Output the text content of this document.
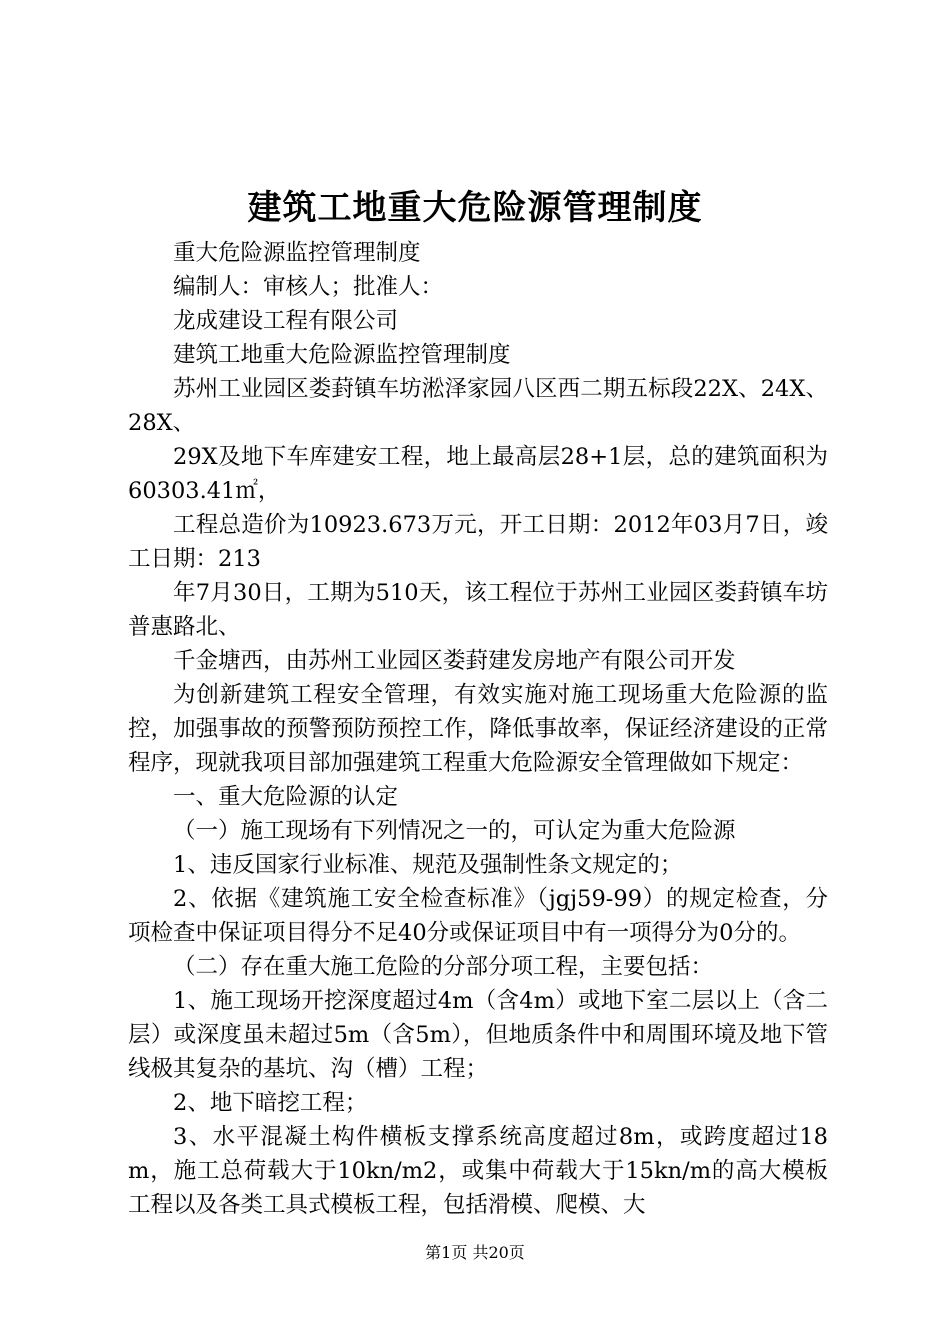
建筑工地重大危险源管理制度

重大危险源监控管理制度

编制人：审核人；批准人：

龙成建设工程有限公司

建筑工地重大危险源监控管理制度

苏州工业园区娄葑镇车坊淞泽家园八区西二期五标段22X、24X、28X、

29X及地下车库建安工程，地上最高层28+1层，总的建筑面积为60303.41㎡，

工程总造价为10923.673万元，开工日期：2012年03月7日，竣工日期：213

年7月30日，工期为510天，该工程位于苏州工业园区娄葑镇车坊普惠路北、

千金塘西，由苏州工业园区娄葑建发房地产有限公司开发

为创新建筑工程安全管理，有效实施对施工现场重大危险源的监控，加强事故的预警预防预控工作，降低事故率，保证经济建设的正常程序，现就我项目部加强建筑工程重大危险源安全管理做如下规定：

一、重大危险源的认定

（一）施工现场有下列情况之一的，可认定为重大危险源

1、违反国家行业标准、规范及强制性条文规定的；

2、依据《建筑施工安全检查标准》（jgj59-99）的规定检查，分项检查中保证项目得分不足40分或保证项目中有一项得分为0分的。

（二）存在重大施工危险的分部分项工程，主要包括：

1、施工现场开挖深度超过4m（含4m）或地下室二层以上（含二层）或深度虽未超过5m（含5m），但地质条件中和周围环境及地下管线极其复杂的基坑、沟（槽）工程；

2、地下暗挖工程；

3、水平混凝土构件横板支撑系统高度超过8m，或跨度超过18m，施工总荷载大于10kn/m2，或集中荷载大于15kn/m的高大模板工程以及各类工具式模板工程，包括滑模、爬模、大

第1页 共20页
